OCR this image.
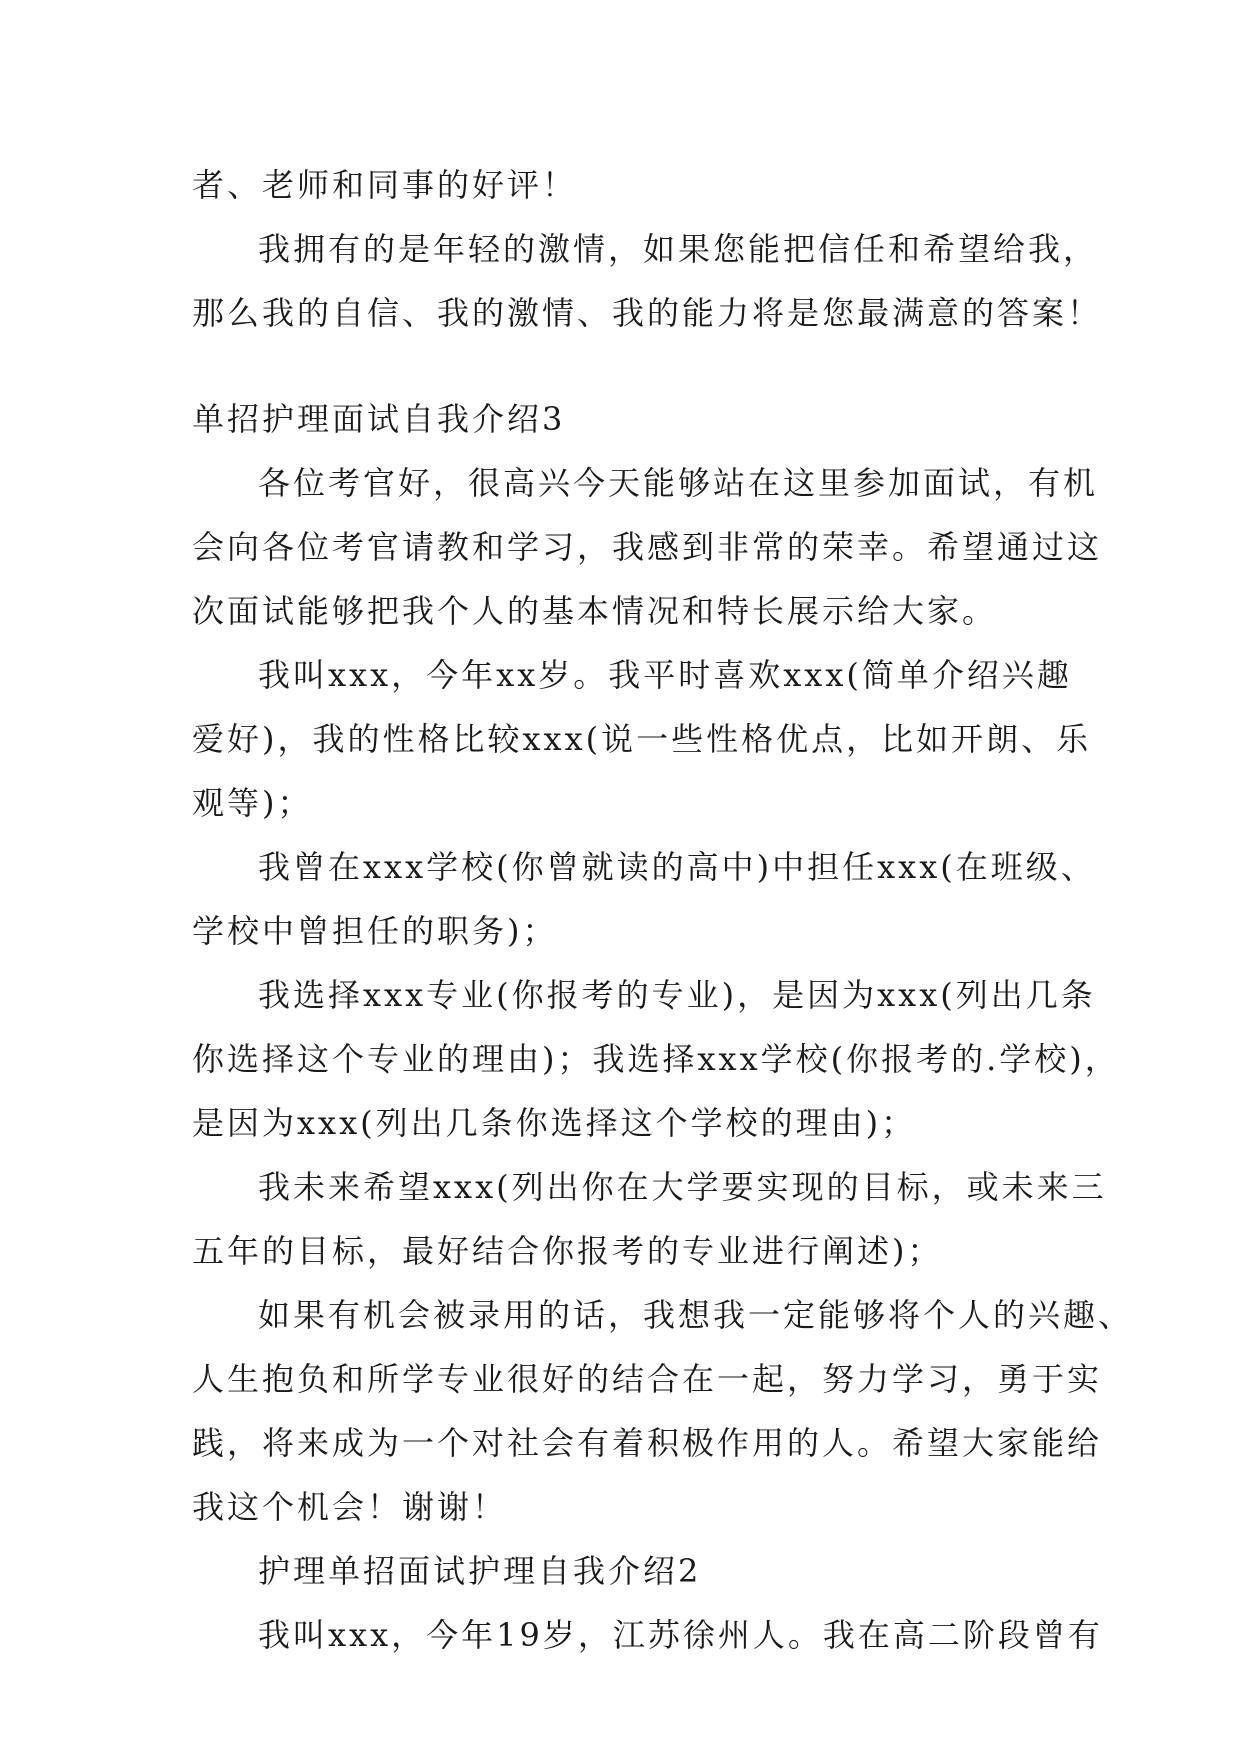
者、老师和同事的好评！

我拥有的是年轻的激情，如果您能把信任和希望给我，

那么我的自信、我的激情、我的能力将是您最满意的答案！

单招护理面试自我介绍3

各位考官好，很高兴今天能够站在这里参加面试，有机

会向各位考官请教和学习，我感到非常的荣幸。希望通过这

次面试能够把我个人的基本情况和特长展示给大家。

我叫xxx，今年xx岁。我平时喜欢xxx(简单介绍兴趣

爱好)，我的性格比较xxx(说一些性格优点，比如开朗、乐

观等)；

我曾在xxx学校(你曾就读的高中)中担任xxx(在班级、

学校中曾担任的职务)；

我选择xxx专业(你报考的专业)，是因为xxx(列出几条

你选择这个专业的理由)；我选择xxx学校(你报考的.学校)，

是因为xxx(列出几条你选择这个学校的理由)；

我未来希望xxx(列出你在大学要实现的目标，或未来三

五年的目标，最好结合你报考的专业进行阐述)；

如果有机会被录用的话，我想我一定能够将个人的兴趣、

人生抱负和所学专业很好的结合在一起，努力学习，勇于实

践，将来成为一个对社会有着积极作用的人。希望大家能给

我这个机会！谢谢！

护理单招面试护理自我介绍2

我叫xxx，今年19岁，江苏徐州人。我在高二阶段曾有
